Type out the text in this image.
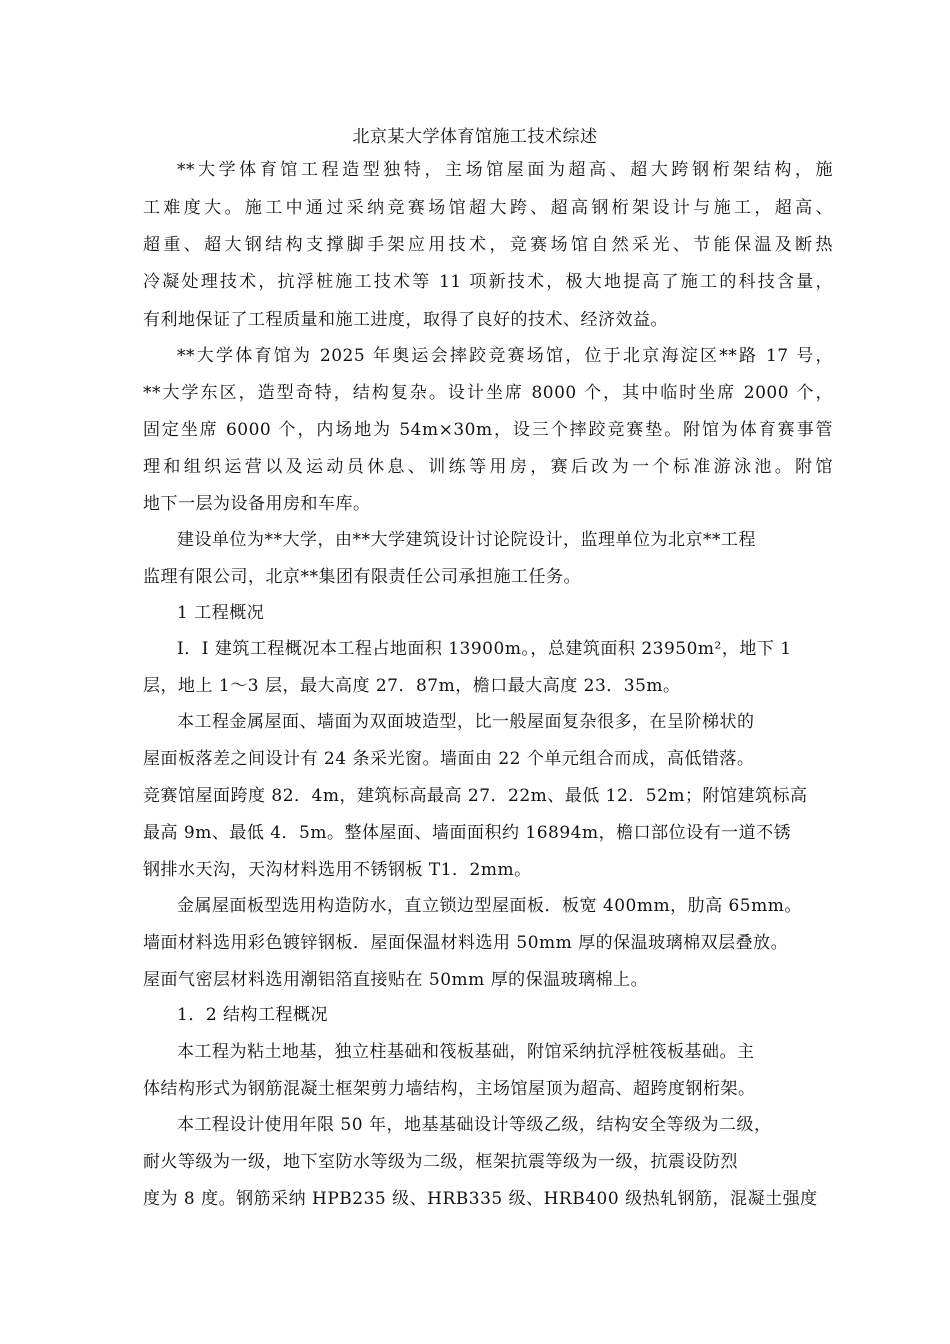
北京某大学体育馆施工技术综述
**大学体育馆工程造型独特，主场馆屋面为超高、超大跨钢桁架结构，施
工难度大。施工中通过采纳竞赛场馆超大跨、超高钢桁架设计与施工，超高、
超重、超大钢结构支撑脚手架应用技术，竞赛场馆自然采光、节能保温及断热
冷凝处理技术，抗浮桩施工技术等 11 项新技术，极大地提高了施工的科技含量，
有利地保证了工程质量和施工进度，取得了良好的技术、经济效益。
**大学体育馆为 2025 年奥运会摔跤竞赛场馆，位于北京海淀区**路 17 号，
**大学东区，造型奇特，结构复杂。设计坐席 8000 个，其中临时坐席 2000 个，
固定坐席 6000 个，内场地为 54m×30m，设三个摔跤竞赛垫。附馆为体育赛事管
理和组织运营以及运动员休息、训练等用房，赛后改为一个标准游泳池。附馆
地下一层为设备用房和车库。
建设单位为**大学，由**大学建筑设计讨论院设计，监理单位为北京**工程
监理有限公司，北京**集团有限责任公司承担施工任务。
1 工程概况
I．I 建筑工程概况本工程占地面积 13900m。，总建筑面积 23950m²，地下 1
层，地上 1～3 层，最大高度 27．87m，檐口最大高度 23．35m。
本工程金属屋面、墙面为双面坡造型，比一般屋面复杂很多，在呈阶梯状的
屋面板落差之间设计有 24 条采光窗。墙面由 22 个单元组合而成，高低错落。
竞赛馆屋面跨度 82．4m，建筑标高最高 27．22m、最低 12．52m；附馆建筑标高
最高 9m、最低 4．5m。整体屋面、墙面面积约 16894m，檐口部位设有一道不锈
钢排水天沟，天沟材料选用不锈钢板 T1．2mm。
金属屋面板型选用构造防水，直立锁边型屋面板．板宽 400mm，肋高 65mm。
墙面材料选用彩色镀锌钢板．屋面保温材料选用 50mm 厚的保温玻璃棉双层叠放。
屋面气密层材料选用潮铝箔直接贴在 50mm 厚的保温玻璃棉上。
1．2 结构工程概况
本工程为粘土地基，独立柱基础和筏板基础，附馆采纳抗浮桩筏板基础。主
体结构形式为钢筋混凝土框架剪力墙结构，主场馆屋顶为超高、超跨度钢桁架。
本工程设计使用年限 50 年，地基基础设计等级乙级，结构安全等级为二级，
耐火等级为一级，地下室防水等级为二级，框架抗震等级为一级，抗震设防烈
度为 8 度。钢筋采纳 HPB235 级、HRB335 级、HRB400 级热轧钢筋，混凝土强度
